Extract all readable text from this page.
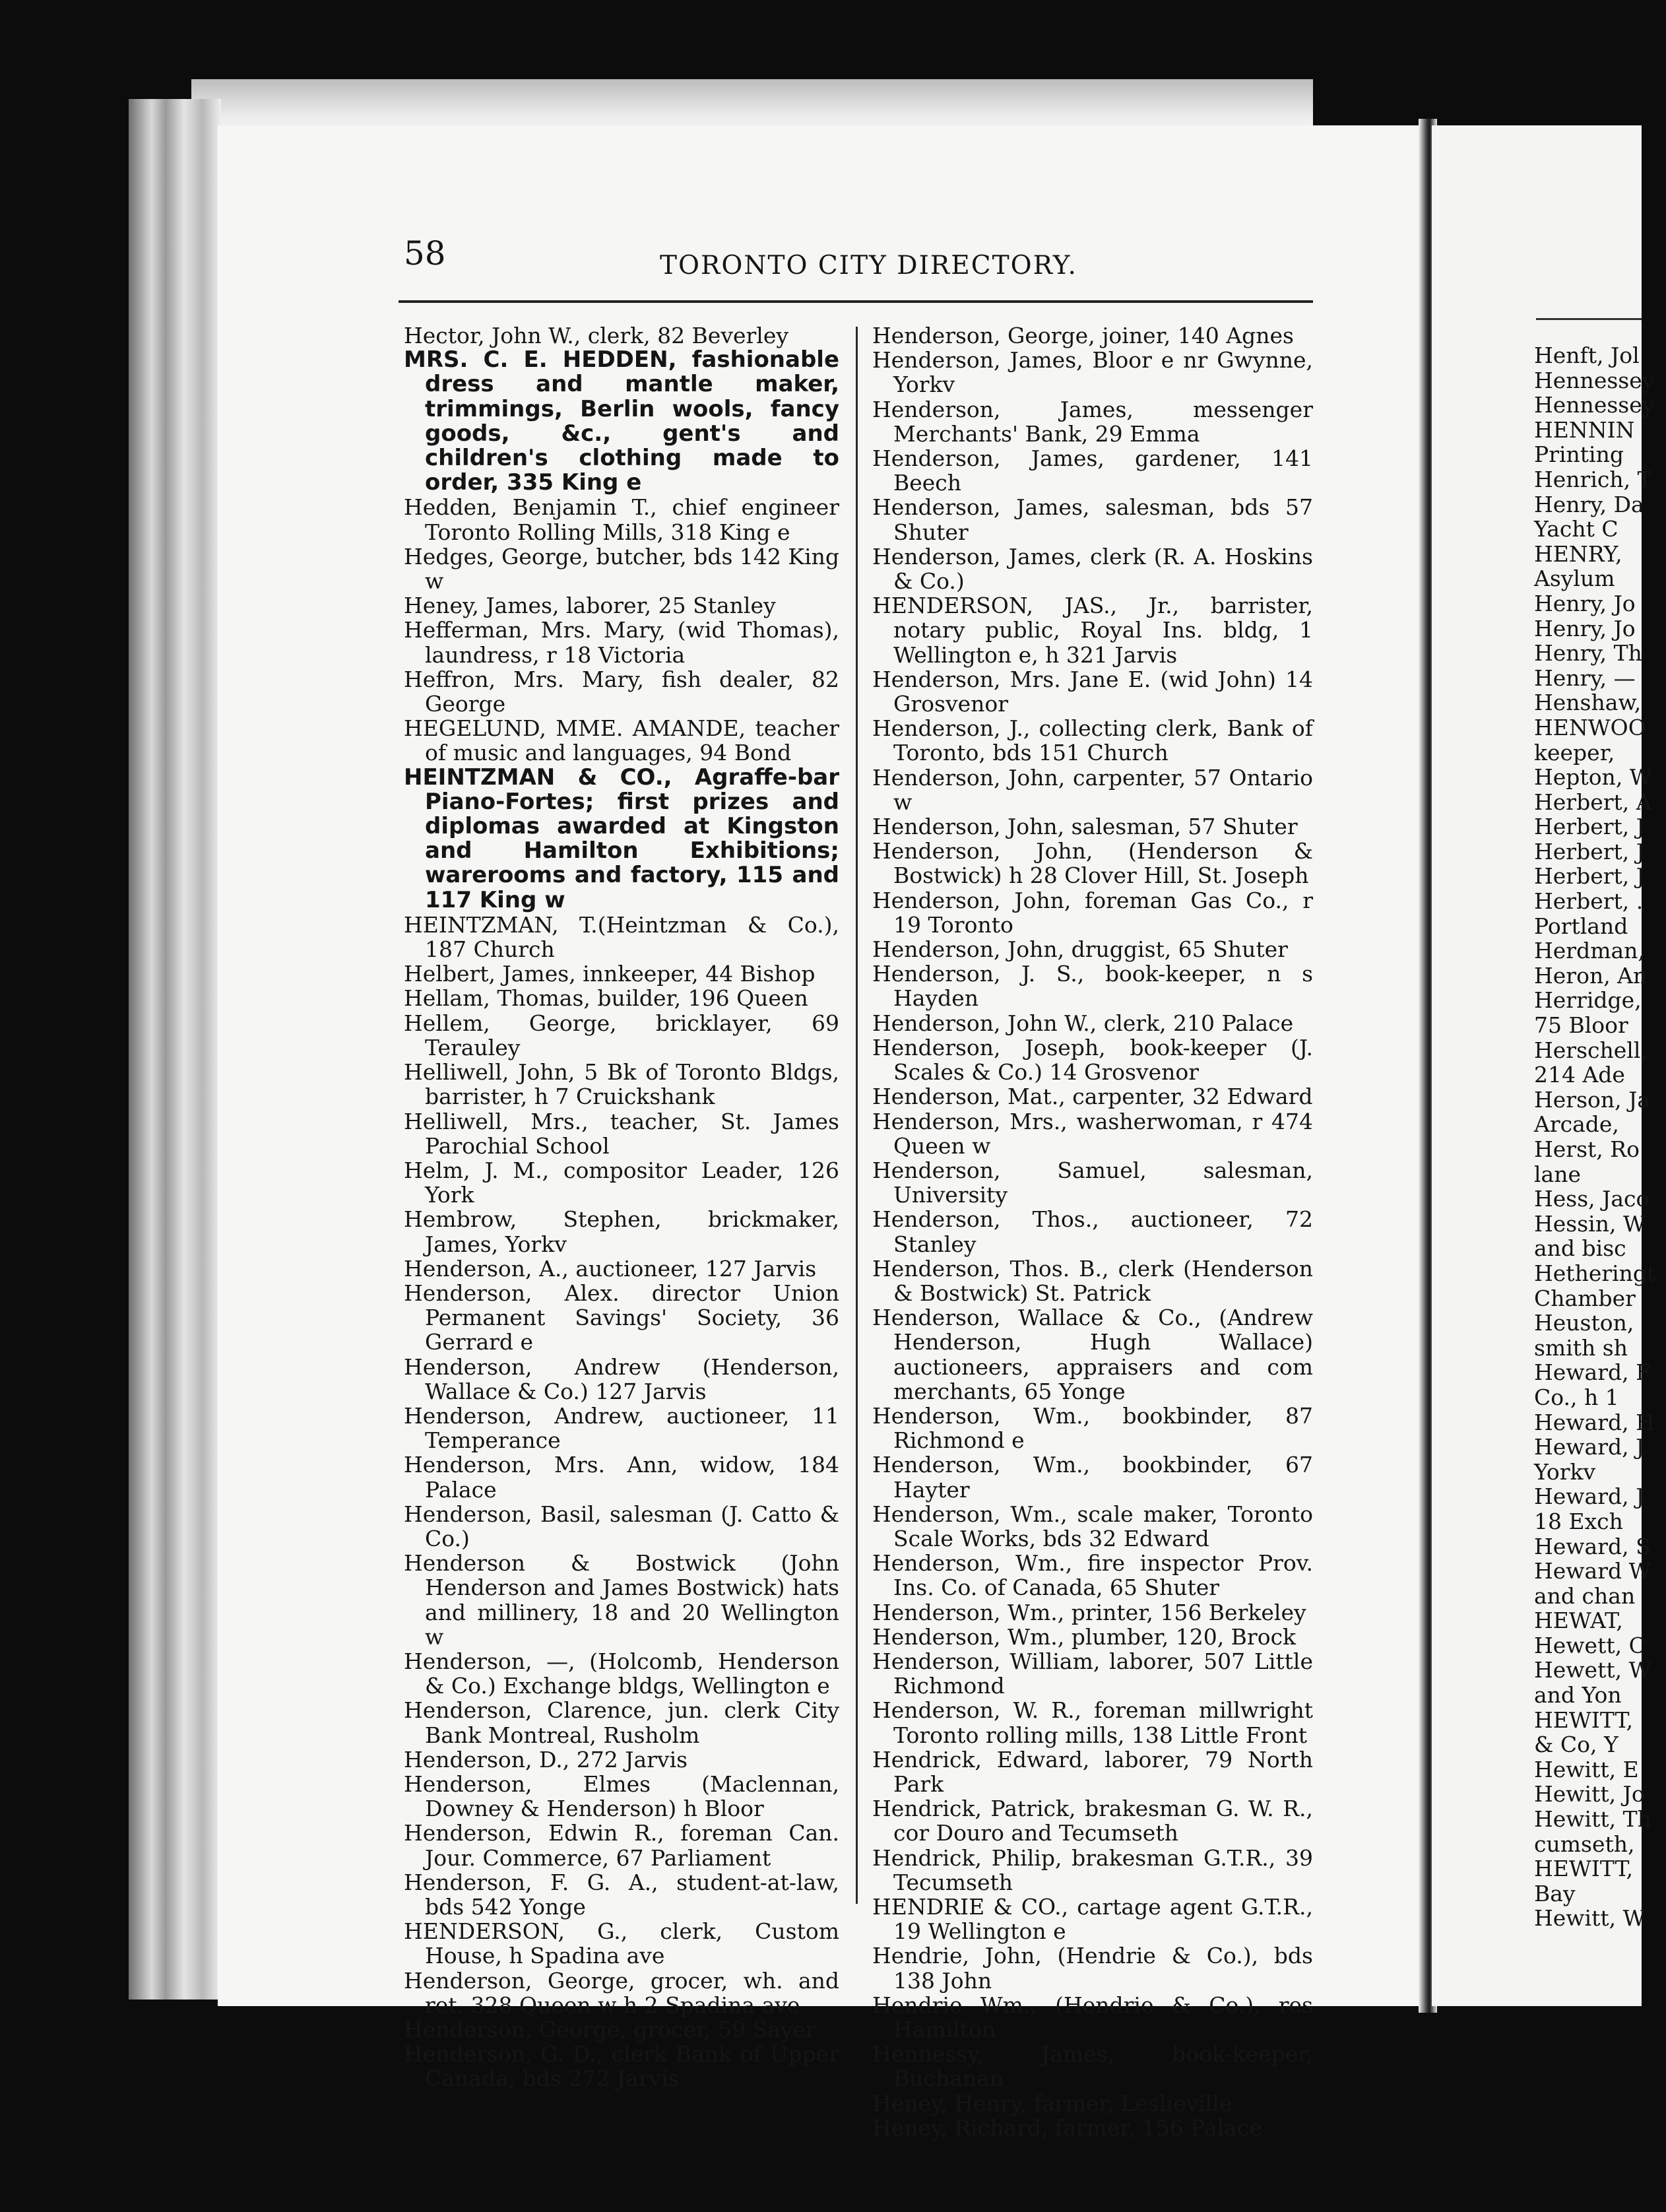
58	TORONTO CITY DIRECTORY.

Hector, John W., clerk, 82 Beverley

MRS. C. E. HEDDEN, fashionable dress and mantle maker, trimmings, Berlin wools, fancy goods, &c., gent's and children's clothing made to order, 335 King e

Hedden, Benjamin T., chief engineer Toronto Rolling Mills, 318 King e

Hedges, George, butcher, bds 142 King w

Heney, James, laborer, 25 Stanley

Hefferman, Mrs. Mary, (wid Thomas), laundress, r 18 Victoria

Heffron, Mrs. Mary, fish dealer, 82 George

HEGELUND, MME. AMANDE, teacher of music and languages, 94 Bond

HEINTZMAN & CO., Agraffe-bar Piano-Fortes; first prizes and diplomas awarded at Kingston and Hamilton Exhibitions; warerooms and factory, 115 and 117 King w

HEINTZMAN, T.(Heintzman & Co.), 187 Church

Helbert, James, innkeeper, 44 Bishop

Hellam, Thomas, builder, 196 Queen

Hellem, George, bricklayer, 69 Terauley

Helliwell, John, 5 Bk of Toronto Bldgs, barrister, h 7 Cruickshank

Helliwell, Mrs., teacher, St. James Parochial School

Helm, J. M., compositor Leader, 126 York

Hembrow, Stephen, brickmaker, James, Yorkv

Henderson, A., auctioneer, 127 Jarvis

Henderson, Alex. director Union Permanent Savings' Society, 36 Gerrard e

Henderson, Andrew (Henderson, Wallace & Co.) 127 Jarvis

Henderson, Andrew, auctioneer, 11 Temperance

Henderson, Mrs. Ann, widow, 184 Palace

Henderson, Basil, salesman (J. Catto & Co.)

Henderson & Bostwick (John Henderson and James Bostwick) hats and millinery, 18 and 20 Wellington w

Henderson, —, (Holcomb, Henderson & Co.) Exchange bldgs, Wellington e

Henderson, Clarence, jun. clerk City Bank Montreal, Rusholm

Henderson, D., 272 Jarvis

Henderson, Elmes (Maclennan, Downey & Henderson) h Bloor

Henderson, Edwin R., foreman Can. Jour. Commerce, 67 Parliament

Henderson, F. G. A., student-at-law, bds 542 Yonge

HENDERSON, G., clerk, Custom House, h Spadina ave

Henderson, George, grocer, wh. and ret. 328 Queen w h 2 Spadina ave

Henderson, George, grocer, 59 Sayer

Henderson, G. D., clerk Bank of Upper Canada, bds 272 Jarvis

Henderson, George, joiner, 140 Agnes

Henderson, James, Bloor e nr Gwynne, Yorkv

Henderson, James, messenger Merchants' Bank, 29 Emma

Henderson, James, gardener, 141 Beech

Henderson, James, salesman, bds 57 Shuter

Henderson, James, clerk (R. A. Hoskins & Co.)

HENDERSON, JAS., Jr., barrister, notary public, Royal Ins. bldg, 1 Wellington e, h 321 Jarvis

Henderson, Mrs. Jane E. (wid John) 14 Grosvenor

Henderson, J., collecting clerk, Bank of Toronto, bds 151 Church

Henderson, John, carpenter, 57 Ontario w

Henderson, John, salesman, 57 Shuter

Henderson, John, (Henderson & Bostwick) h 28 Clover Hill, St. Joseph

Henderson, John, foreman Gas Co., r 19 Toronto

Henderson, John, druggist, 65 Shuter

Henderson, J. S., book-keeper, n s Hayden

Henderson, John W., clerk, 210 Palace

Henderson, Joseph, book-keeper (J. Scales & Co.) 14 Grosvenor

Henderson, Mat., carpenter, 32 Edward

Henderson, Mrs., washerwoman, r 474 Queen w

Henderson, Samuel, salesman, University

Henderson, Thos., auctioneer, 72 Stanley

Henderson, Thos. B., clerk (Henderson & Bostwick) St. Patrick

Henderson, Wallace & Co., (Andrew Henderson, Hugh Wallace) auctioneers, appraisers and com merchants, 65 Yonge

Henderson, Wm., bookbinder, 87 Richmond e

Henderson, Wm., bookbinder, 67 Hayter

Henderson, Wm., scale maker, Toronto Scale Works, bds 32 Edward

Henderson, Wm., fire inspector Prov. Ins. Co. of Canada, 65 Shuter

Henderson, Wm., printer, 156 Berkeley

Henderson, Wm., plumber, 120, Brock

Henderson, William, laborer, 507 Little Richmond

Henderson, W. R., foreman millwright Toronto rolling mills, 138 Little Front

Hendrick, Edward, laborer, 79 North Park

Hendrick, Patrick, brakesman G. W. R., cor Douro and Tecumseth

Hendrick, Philip, brakesman G.T.R., 39 Tecumseth

HENDRIE & CO., cartage agent G.T.R., 19 Wellington e

Hendrie, John, (Hendrie & Co.), bds 138 John

Hendrie Wm., (Hendrie & Co.), res Hamilton

Hennessy, James, book-keeper, Buchanan

Heney, Henry, farmer, Leslieville

Heney, Richard, farmer, 156 Palace

Henft, Jol

Hennessey

Hennessey

HENNIN

Printing

Henrich, T

Henry, Da

Yacht C

HENRY,

Asylum

Henry, Jo

Henry, Jo

Henry, Th

Henry, —

Henshaw,

HENWOO

keeper,

Hepton, W

Herbert, A

Herbert, J

Herbert, J

Herbert, J

Herbert, .

Portland

Herdman,

Heron, An

Herridge,

75 Bloor

Herschell,

214 Ade

Herson, Ja

Arcade,

Herst, Ro

lane

Hess, Jaco

Hessin, W

and bisc

Hetheringt

Chamber

Heuston,

smith sh

Heward, F

Co., h 1

Heward, H

Heward, J

Yorkv

Heward, J

18 Exch

Heward, S

Heward W

and chan

HEWAT,

Hewett, C

Hewett, W

and Yon

HEWITT,

& Co, Y

Hewitt, E

Hewitt, Jo

Hewitt, Th

cumseth,

HEWITT,

Bay

Hewitt, W
